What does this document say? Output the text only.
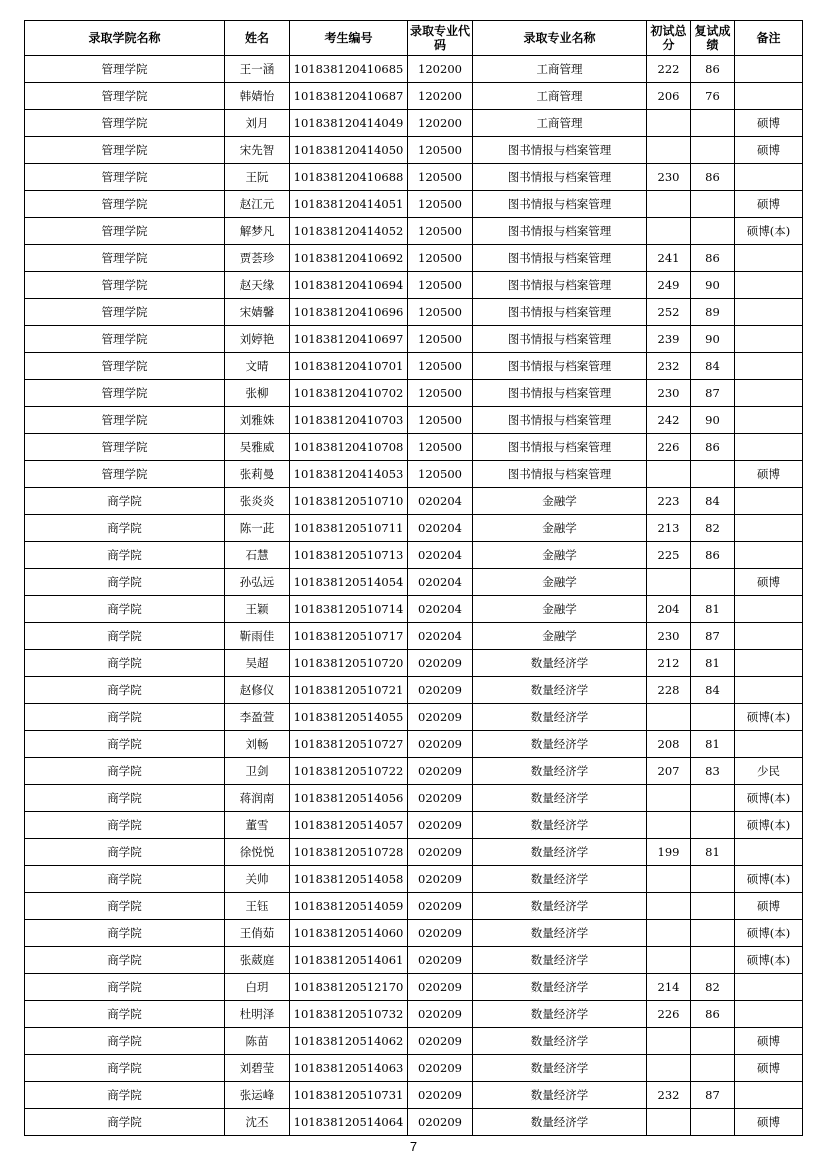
录取学院名称	姓名	考生编号	录取专业代码	录取专业名称	初试总分	复试成绩	备注
管理学院	王一涵	101838120410685	120200	工商管理	222	86	
管理学院	韩婧怡	101838120410687	120200	工商管理	206	76	
管理学院	刘月	101838120414049	120200	工商管理			硕博
管理学院	宋先智	101838120414050	120500	图书情报与档案管理			硕博
管理学院	王阮	101838120410688	120500	图书情报与档案管理	230	86	
管理学院	赵江元	101838120414051	120500	图书情报与档案管理			硕博
管理学院	解梦凡	101838120414052	120500	图书情报与档案管理			硕博(本)
管理学院	贾荟珍	101838120410692	120500	图书情报与档案管理	241	86	
管理学院	赵天缘	101838120410694	120500	图书情报与档案管理	249	90	
管理学院	宋婧馨	101838120410696	120500	图书情报与档案管理	252	89	
管理学院	刘婷艳	101838120410697	120500	图书情报与档案管理	239	90	
管理学院	文晴	101838120410701	120500	图书情报与档案管理	232	84	
管理学院	张柳	101838120410702	120500	图书情报与档案管理	230	87	
管理学院	刘雅姝	101838120410703	120500	图书情报与档案管理	242	90	
管理学院	吴雅威	101838120410708	120500	图书情报与档案管理	226	86	
管理学院	张莉曼	101838120414053	120500	图书情报与档案管理			硕博
商学院	张炎炎	101838120510710	020204	金融学	223	84	
商学院	陈一茈	101838120510711	020204	金融学	213	82	
商学院	石慧	101838120510713	020204	金融学	225	86	
商学院	孙弘远	101838120514054	020204	金融学			硕博
商学院	王颖	101838120510714	020204	金融学	204	81	
商学院	靳雨佳	101838120510717	020204	金融学	230	87	
商学院	吴超	101838120510720	020209	数量经济学	212	81	
商学院	赵修仪	101838120510721	020209	数量经济学	228	84	
商学院	李盈萱	101838120514055	020209	数量经济学			硕博(本)
商学院	刘畅	101838120510727	020209	数量经济学	208	81	
商学院	卫剑	101838120510722	020209	数量经济学	207	83	少民
商学院	蒋润南	101838120514056	020209	数量经济学			硕博(本)
商学院	董雪	101838120514057	020209	数量经济学			硕博(本)
商学院	徐悦悦	101838120510728	020209	数量经济学	199	81	
商学院	关帅	101838120514058	020209	数量经济学			硕博(本)
商学院	王钰	101838120514059	020209	数量经济学			硕博
商学院	王俏茹	101838120514060	020209	数量经济学			硕博(本)
商学院	张葳庭	101838120514061	020209	数量经济学			硕博(本)
商学院	白玥	101838120512170	020209	数量经济学	214	82	
商学院	杜明泽	101838120510732	020209	数量经济学	226	86	
商学院	陈苗	101838120514062	020209	数量经济学			硕博
商学院	刘碧莹	101838120514063	020209	数量经济学			硕博
商学院	张运峰	101838120510731	020209	数量经济学	232	87	
商学院	沈丕	101838120514064	020209	数量经济学			硕博
7
